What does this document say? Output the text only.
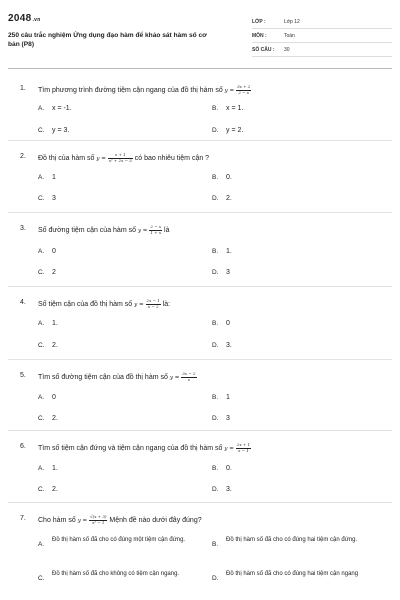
2048.vn
250 câu trắc nghiệm Ứng dụng đạo hàm để khảo sát hàm số cơ bản (P8)
LỚP :	Lớp 12
MÔN :	Toán
SỐ CÂU : 30
1. Tìm phương trình đường tiệm cận ngang của đồ thị hàm số $y = \frac{3x + 2}{2 - x}$
A. x = -1.	B. x = 1.
C. y = 3.	D. y = 2.
2. Đồ thị của hàm số $y = \frac{x + 1}{\text{x² + 2x − 3}}$ có bao nhiêu tiệm cận ?
A. 1	B. 0.
C. 3	D. 2.
3. Số đường tiệm cận của hàm số $y = \frac{2 - x}{1 + x}$ là
A. 0	B. 1.
C. 2	D. 3
4. Số tiệm cận của đồ thị hàm số $y = \frac{2x - 1}{x - 2}$ là:
A. 1.	B. 0
C. 2.	D. 3.
5. Tìm số đường tiệm cận của đồ thị hàm số $y = \frac{3x - 2}{x}$
A. 0	B. 1
C. 2.	D. 3
6. Tìm số tiệm cận đứng và tiệm cận ngang của đồ thị hàm số $y = \frac{2x + 1}{x - 1}$
A. 1.	B. 0.
C. 2.	D. 3.
7. Cho hàm số $y = \frac{√(x + 3)}{\text{x² − 1}}$ Mệnh đề nào dưới đây đúng?
A.
Đồ thị hàm số đã cho có đúng một tiệm cận đứng.
B.
Đồ thị hàm số đã cho có đúng hai tiệm cận đứng.
C.
Đồ thị hàm số đã cho không có tiệm cận ngang.
D.
Đồ thị hàm số đã cho có đúng hai tiệm cận ngang
